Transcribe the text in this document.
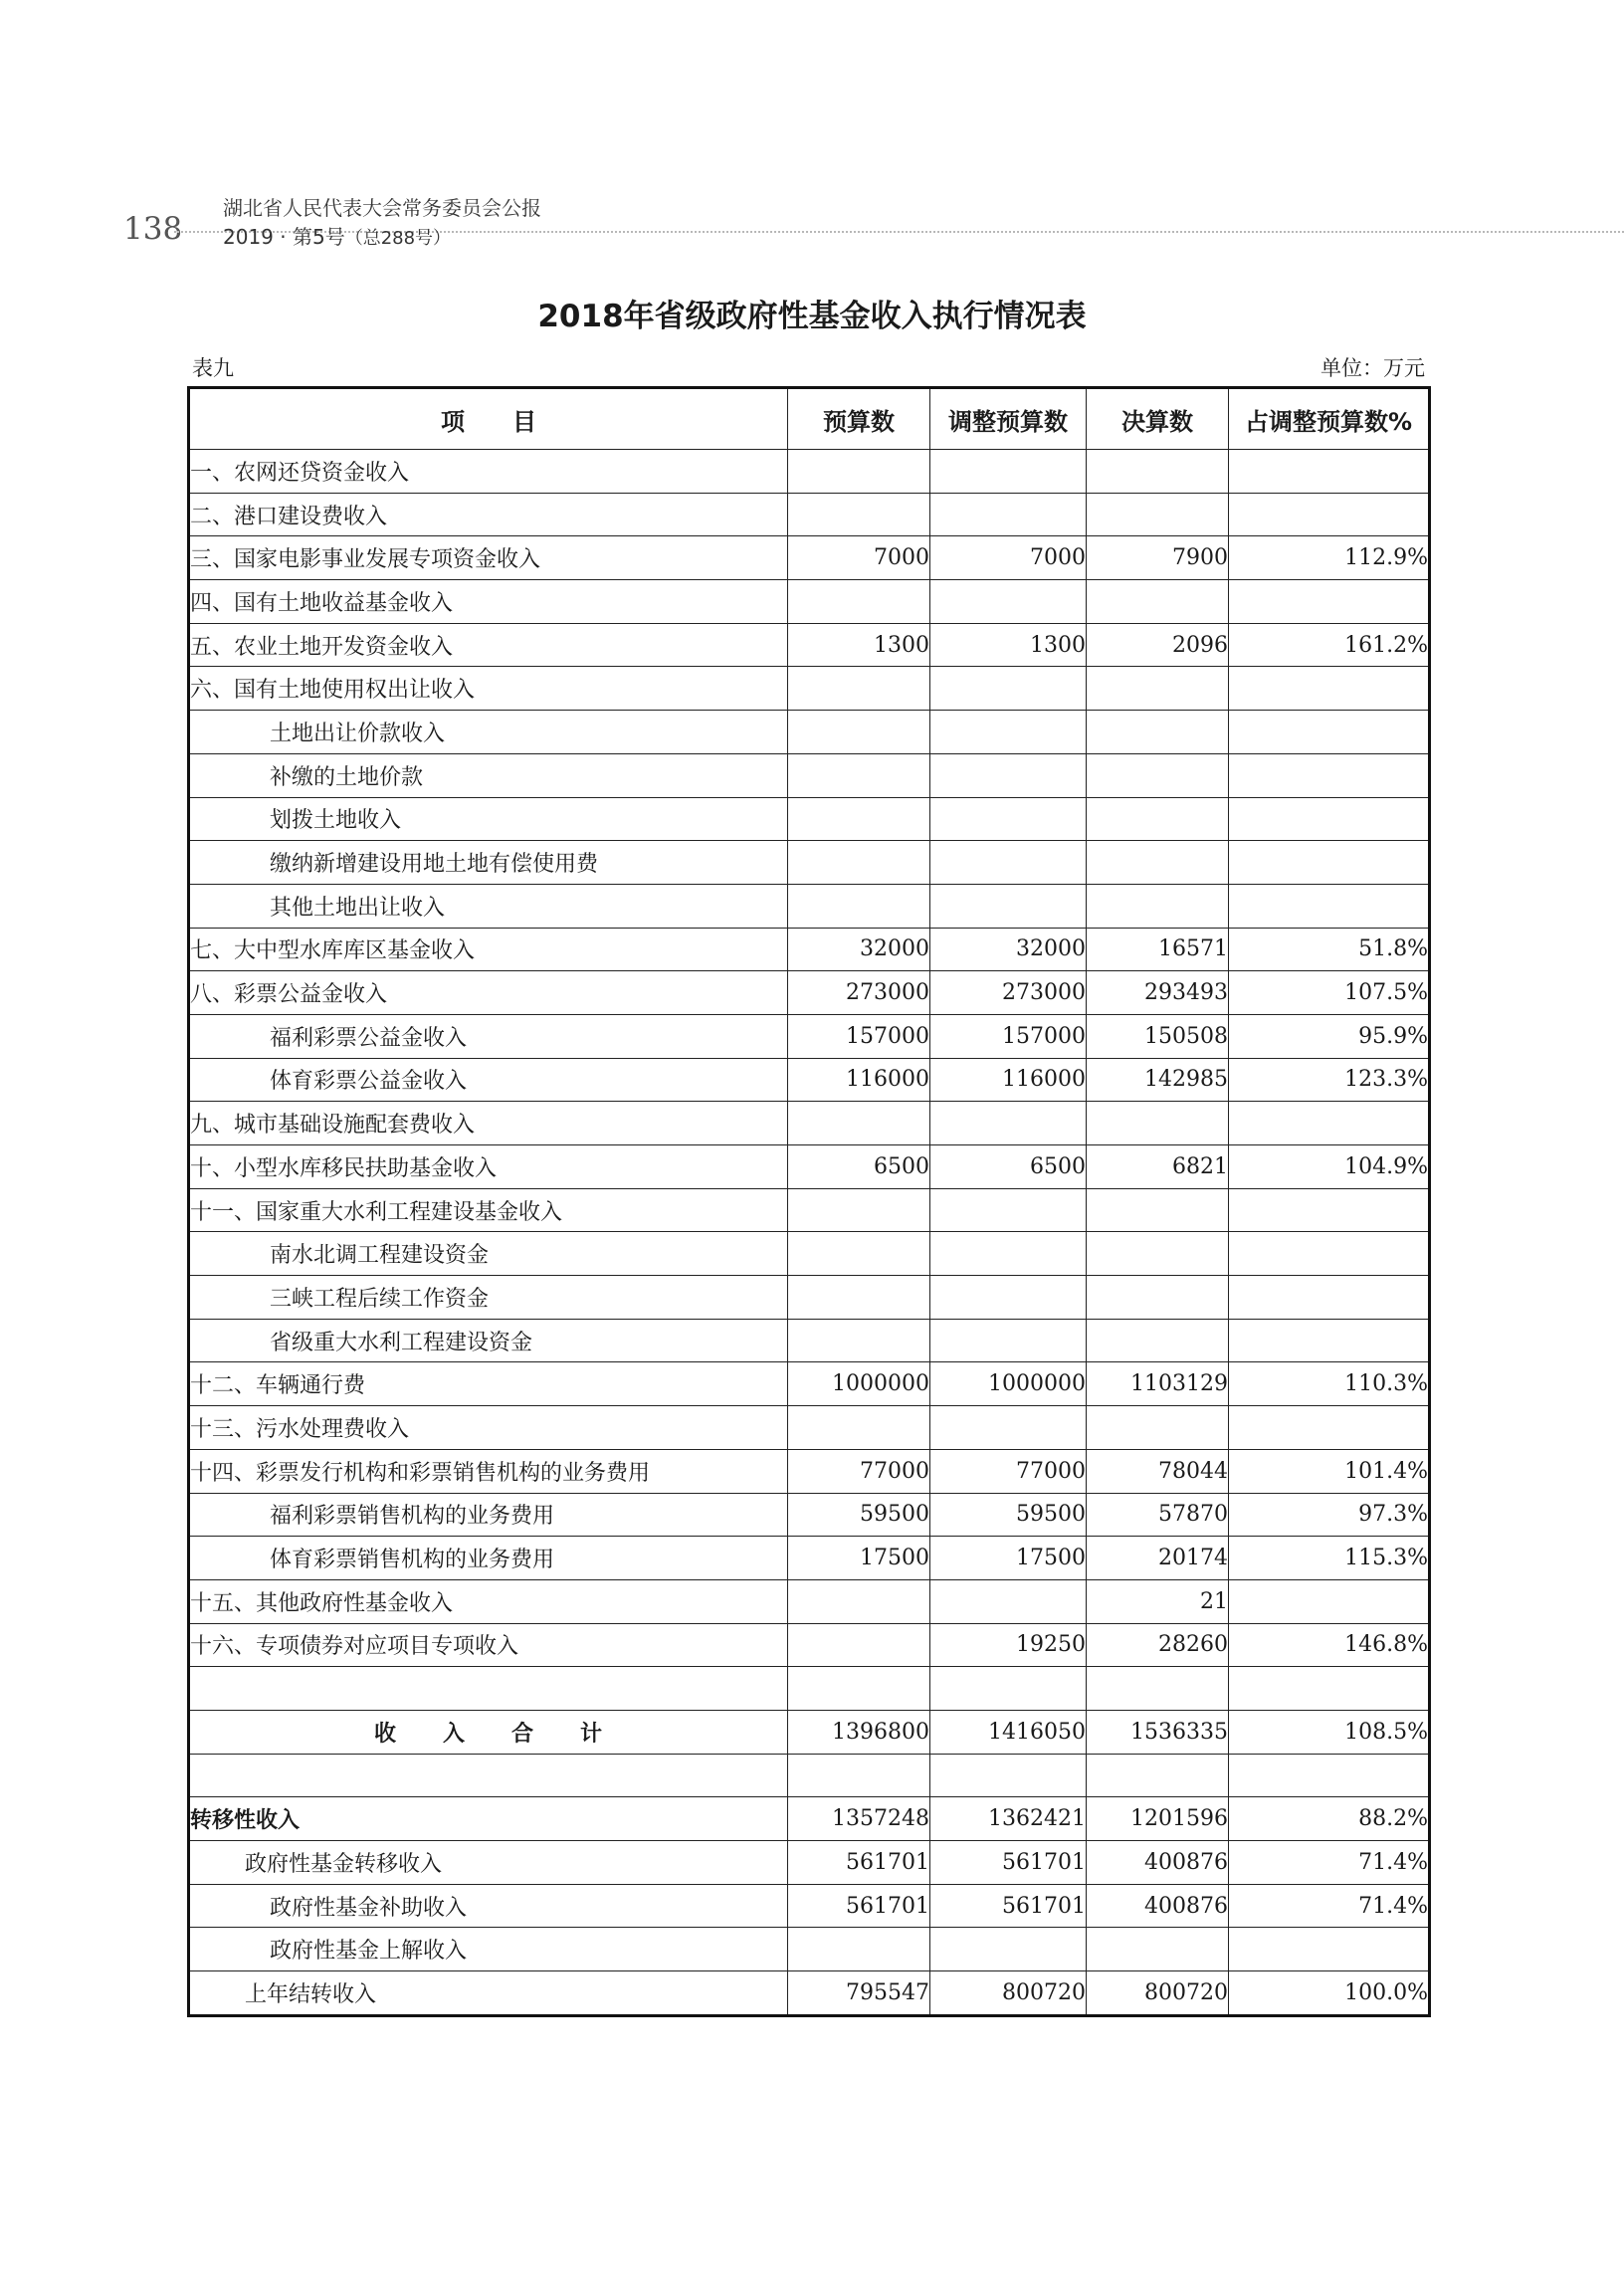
138
湖北省人民代表大会常务委员会公报
2019 · 第5号（总288号）
2018年省级政府性基金收入执行情况表
表九	单位：万元
项　　目	预算数	调整预算数	决算数	占调整预算数%
一、农网还贷资金收入				
二、港口建设费收入				
三、国家电影事业发展专项资金收入	7000	7000	7900	112.9%
四、国有土地收益基金收入				
五、农业土地开发资金收入	1300	1300	2096	161.2%
六、国有土地使用权出让收入				
土地出让价款收入				
补缴的土地价款				
划拨土地收入				
缴纳新增建设用地土地有偿使用费				
其他土地出让收入				
七、大中型水库库区基金收入	32000	32000	16571	51.8%
八、彩票公益金收入	273000	273000	293493	107.5%
福利彩票公益金收入	157000	157000	150508	95.9%
体育彩票公益金收入	116000	116000	142985	123.3%
九、城市基础设施配套费收入				
十、小型水库移民扶助基金收入	6500	6500	6821	104.9%
十一、国家重大水利工程建设基金收入				
南水北调工程建设资金				
三峡工程后续工作资金				
省级重大水利工程建设资金				
十二、车辆通行费	1000000	1000000	1103129	110.3%
十三、污水处理费收入				
十四、彩票发行机构和彩票销售机构的业务费用	77000	77000	78044	101.4%
福利彩票销售机构的业务费用	59500	59500	57870	97.3%
体育彩票销售机构的业务费用	17500	17500	20174	115.3%
十五、其他政府性基金收入			21	
十六、专项债券对应项目专项收入		19250	28260	146.8%

收　　入　　合　　计	1396800	1416050	1536335	108.5%

转移性收入	1357248	1362421	1201596	88.2%
政府性基金转移收入	561701	561701	400876	71.4%
政府性基金补助收入	561701	561701	400876	71.4%
政府性基金上解收入				
上年结转收入	795547	800720	800720	100.0%
